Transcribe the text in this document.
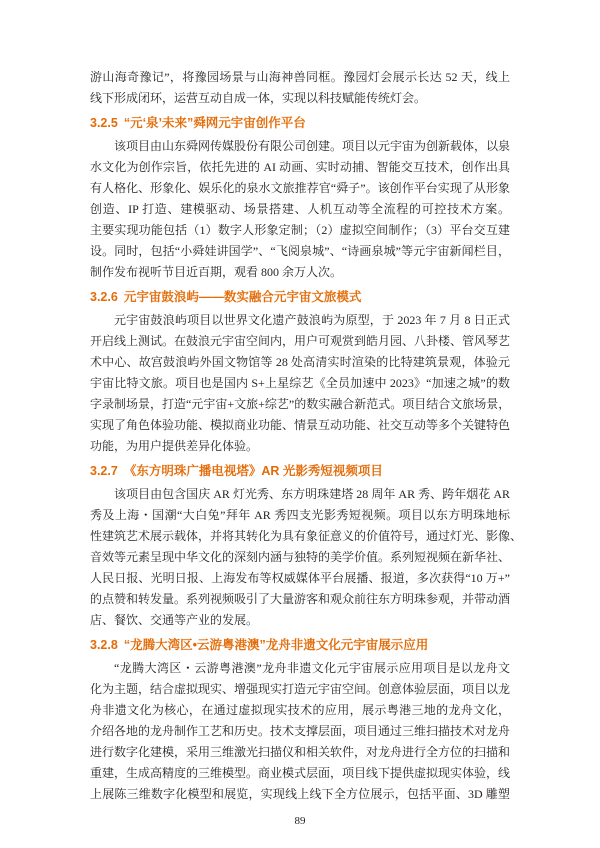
游山海奇豫记”，将豫园场景与山海神兽同框。豫园灯会展示长达 52 天，线上
线下形成闭环，运营互动自成一体，实现以科技赋能传统灯会。
3.2.5 “元‘泉’未来”舜网元宇宙创作平台
该项目由山东舜网传媒股份有限公司创建。项目以元宇宙为创新载体，以泉
水文化为创作宗旨，依托先进的 AI 动画、实时动捕、智能交互技术，创作出具
有人格化、形象化、娱乐化的泉水文旅推荐官“舜子”。该创作平台实现了从形象
创造、IP 打造、建模驱动、场景搭建、人机互动等全流程的可控技术方案。
主要实现功能包括（1）数字人形象定制；（2）虚拟空间制作；（3）平台交互建
设。同时，包括“小舜娃讲国学”、“飞阅泉城”、“诗画泉城”等元宇宙新闻栏目，
制作发布视听节目近百期，观看 800 余万人次。
3.2.6 元宇宙鼓浪屿——数实融合元宇宙文旅模式
元宇宙鼓浪屿项目以世界文化遗产鼓浪屿为原型，于 2023 年 7 月 8 日正式
开启线上测试。在鼓浪元宇宙空间内，用户可观赏到皓月园、八卦楼、管风琴艺
术中心、故宫鼓浪屿外国文物馆等 28 处高清实时渲染的比特建筑景观，体验元
宇宙比特文旅。项目也是国内 S+上星综艺《全员加速中 2023》“加速之城”的数
字录制场景，打造“元宇宙+文旅+综艺”的数实融合新范式。项目结合文旅场景，
实现了角色体验功能、模拟商业功能、情景互动功能、社交互动等多个关键特色
功能，为用户提供差异化体验。
3.2.7 《东方明珠广播电视塔》AR 光影秀短视频项目
该项目由包含国庆 AR 灯光秀、东方明珠建塔 28 周年 AR 秀、跨年烟花 AR
秀及上海・国潮“大白兔”拜年 AR 秀四支光影秀短视频。项目以东方明珠地标
性建筑艺术展示载体，并将其转化为具有象征意义的价值符号，通过灯光、影像、
音效等元素呈现中华文化的深刻内涵与独特的美学价值。系列短视频在新华社、
人民日报、光明日报、上海发布等权威媒体平台展播、报道，多次获得“10 万+”
的点赞和转发量。系列视频吸引了大量游客和观众前往东方明珠参观，并带动酒
店、餐饮、交通等产业的发展。
3.2.8 “龙腾大湾区•云游粤港澳”龙舟非遗文化元宇宙展示应用
“龙腾大湾区・云游粤港澳”龙舟非遗文化元宇宙展示应用项目是以龙舟文
化为主题，结合虚拟现实、增强现实打造元宇宙空间。创意体验层面，项目以龙
舟非遗文化为核心，在通过虚拟现实技术的应用，展示粤港三地的龙舟文化，
介绍各地的龙舟制作工艺和历史。技术支撑层面，项目通过三维扫描技术对龙舟
进行数字化建模，采用三维激光扫描仪和相关软件，对龙舟进行全方位的扫描和
重建，生成高精度的三维模型。商业模式层面，项目线下提供虚拟现实体验，线
上展陈三维数字化模型和展览，实现线上线下全方位展示，包括平面、3D 雕塑
89
